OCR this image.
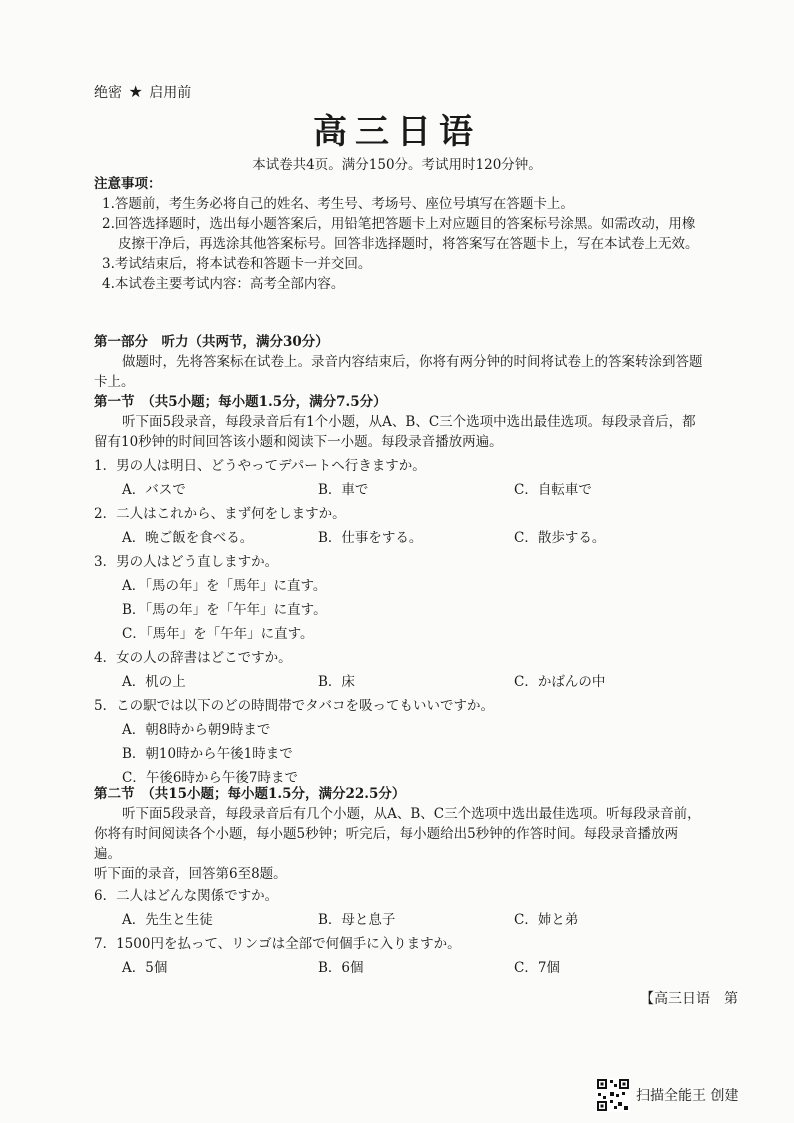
绝密 ★ 启用前
高三日语
本试卷共4页。满分150分。考试用时120分钟。
注意事项：
1.答题前，考生务必将自己的姓名、考生号、考场号、座位号填写在答题卡上。
2.回答选择题时，选出每小题答案后，用铅笔把答题卡上对应题目的答案标号涂黑。如需改动，用橡皮擦干净后，再选涂其他答案标号。回答非选择题时，将答案写在答题卡上，写在本试卷上无效。
3.考试结束后，将本试卷和答题卡一并交回。
4.本试卷主要考试内容：高考全部内容。
第一部分　听力（共两节，满分30分）
做题时，先将答案标在试卷上。录音内容结束后，你将有两分钟的时间将试卷上的答案转涂到答题卡上。
第一节　（共5小题；每小题1.5分，满分7.5分）
听下面5段录音，每段录音后有1个小题，从A、B、C三个选项中选出最佳选项。每段录音后，都留有10秒钟的时间回答该小题和阅读下一小题。每段录音播放两遍。
1．男の人は明日、どうやってデパートへ行きますか。
A．バスで	B．車で	C．自転車で
2．二人はこれから、まず何をしますか。
A．晩ご飯を食べる。	B．仕事をする。	C．散歩する。
3．男の人はどう直しますか。
A．「馬の年」を「馬年」に直す。
B．「馬の年」を「午年」に直す。
C．「馬年」を「午年」に直す。
4．女の人の辞書はどこですか。
A．机の上	B．床	C．かばんの中
5．この駅では以下のどの時間帯でタバコを吸ってもいいですか。
A．朝8時から朝9時まで
B．朝10時から午後1時まで
C．午後6時から午後7時まで
第二节　（共15小题；每小题1.5分，满分22.5分）
听下面5段录音，每段录音后有几个小题，从A、B、C三个选项中选出最佳选项。听每段录音前，你将有时间阅读各个小题，每小题5秒钟；听完后，每小题给出5秒钟的作答时间。每段录音播放两遍。
听下面的录音，回答第6至8题。
6．二人はどんな関係ですか。
A．先生と生徒	B．母と息子	C．姉と弟
7．1500円を払って、リンゴは全部で何個手に入りますか。
A．5個	B．6個	C．7個
【高三日语　第
扫描全能王 创建
